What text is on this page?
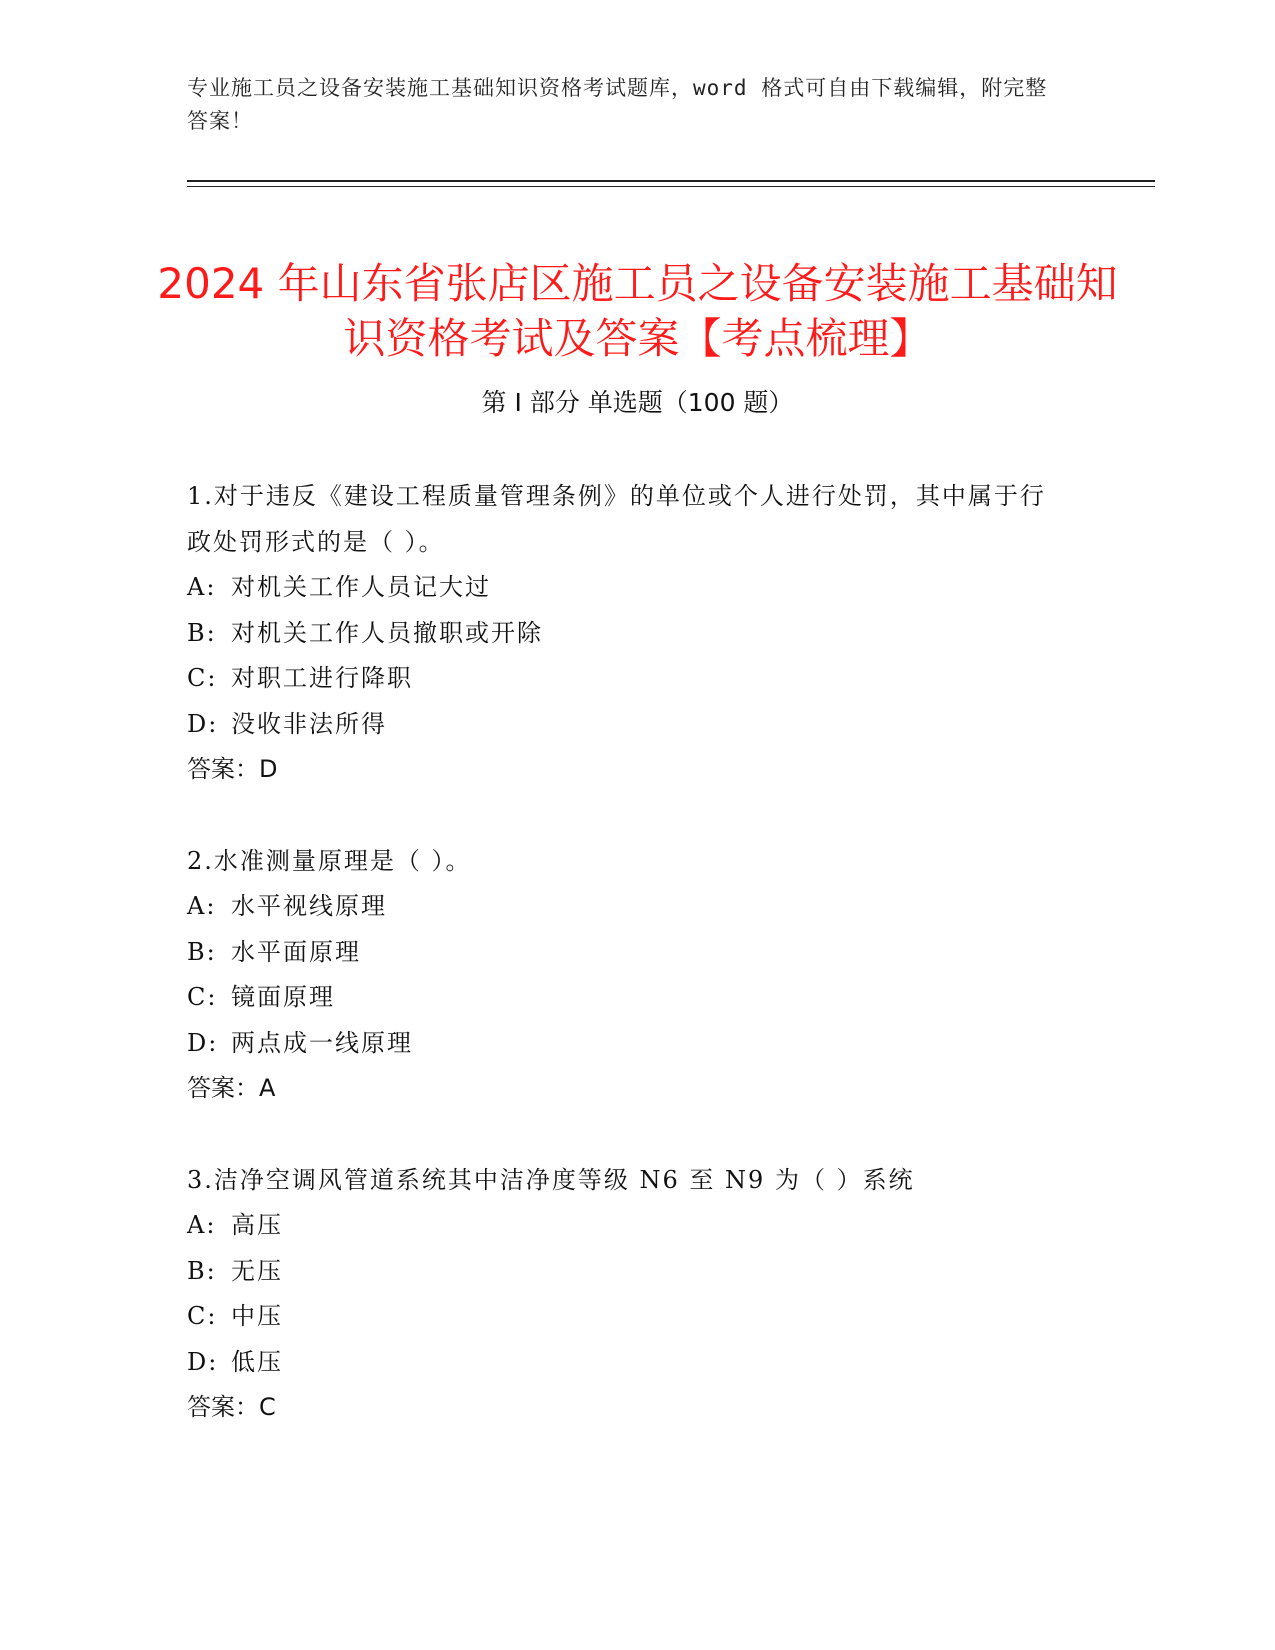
专业施工员之设备安装施工基础知识资格考试题库，word 格式可自由下载编辑，附完整答案！
2024 年山东省张店区施工员之设备安装施工基础知识资格考试及答案【考点梳理】
第 I 部分 单选题（100 题）
1.对于违反《建设工程质量管理条例》的单位或个人进行处罚，其中属于行政处罚形式的是（ ）。
A: 对机关工作人员记大过
B: 对机关工作人员撤职或开除
C: 对职工进行降职
D: 没收非法所得
答案：D
2.水准测量原理是（ ）。
A: 水平视线原理
B: 水平面原理
C: 镜面原理
D: 两点成一线原理
答案：A
3.洁净空调风管道系统其中洁净度等级 N6 至 N9 为（ ）系统
A: 高压
B: 无压
C: 中压
D: 低压
答案：C
